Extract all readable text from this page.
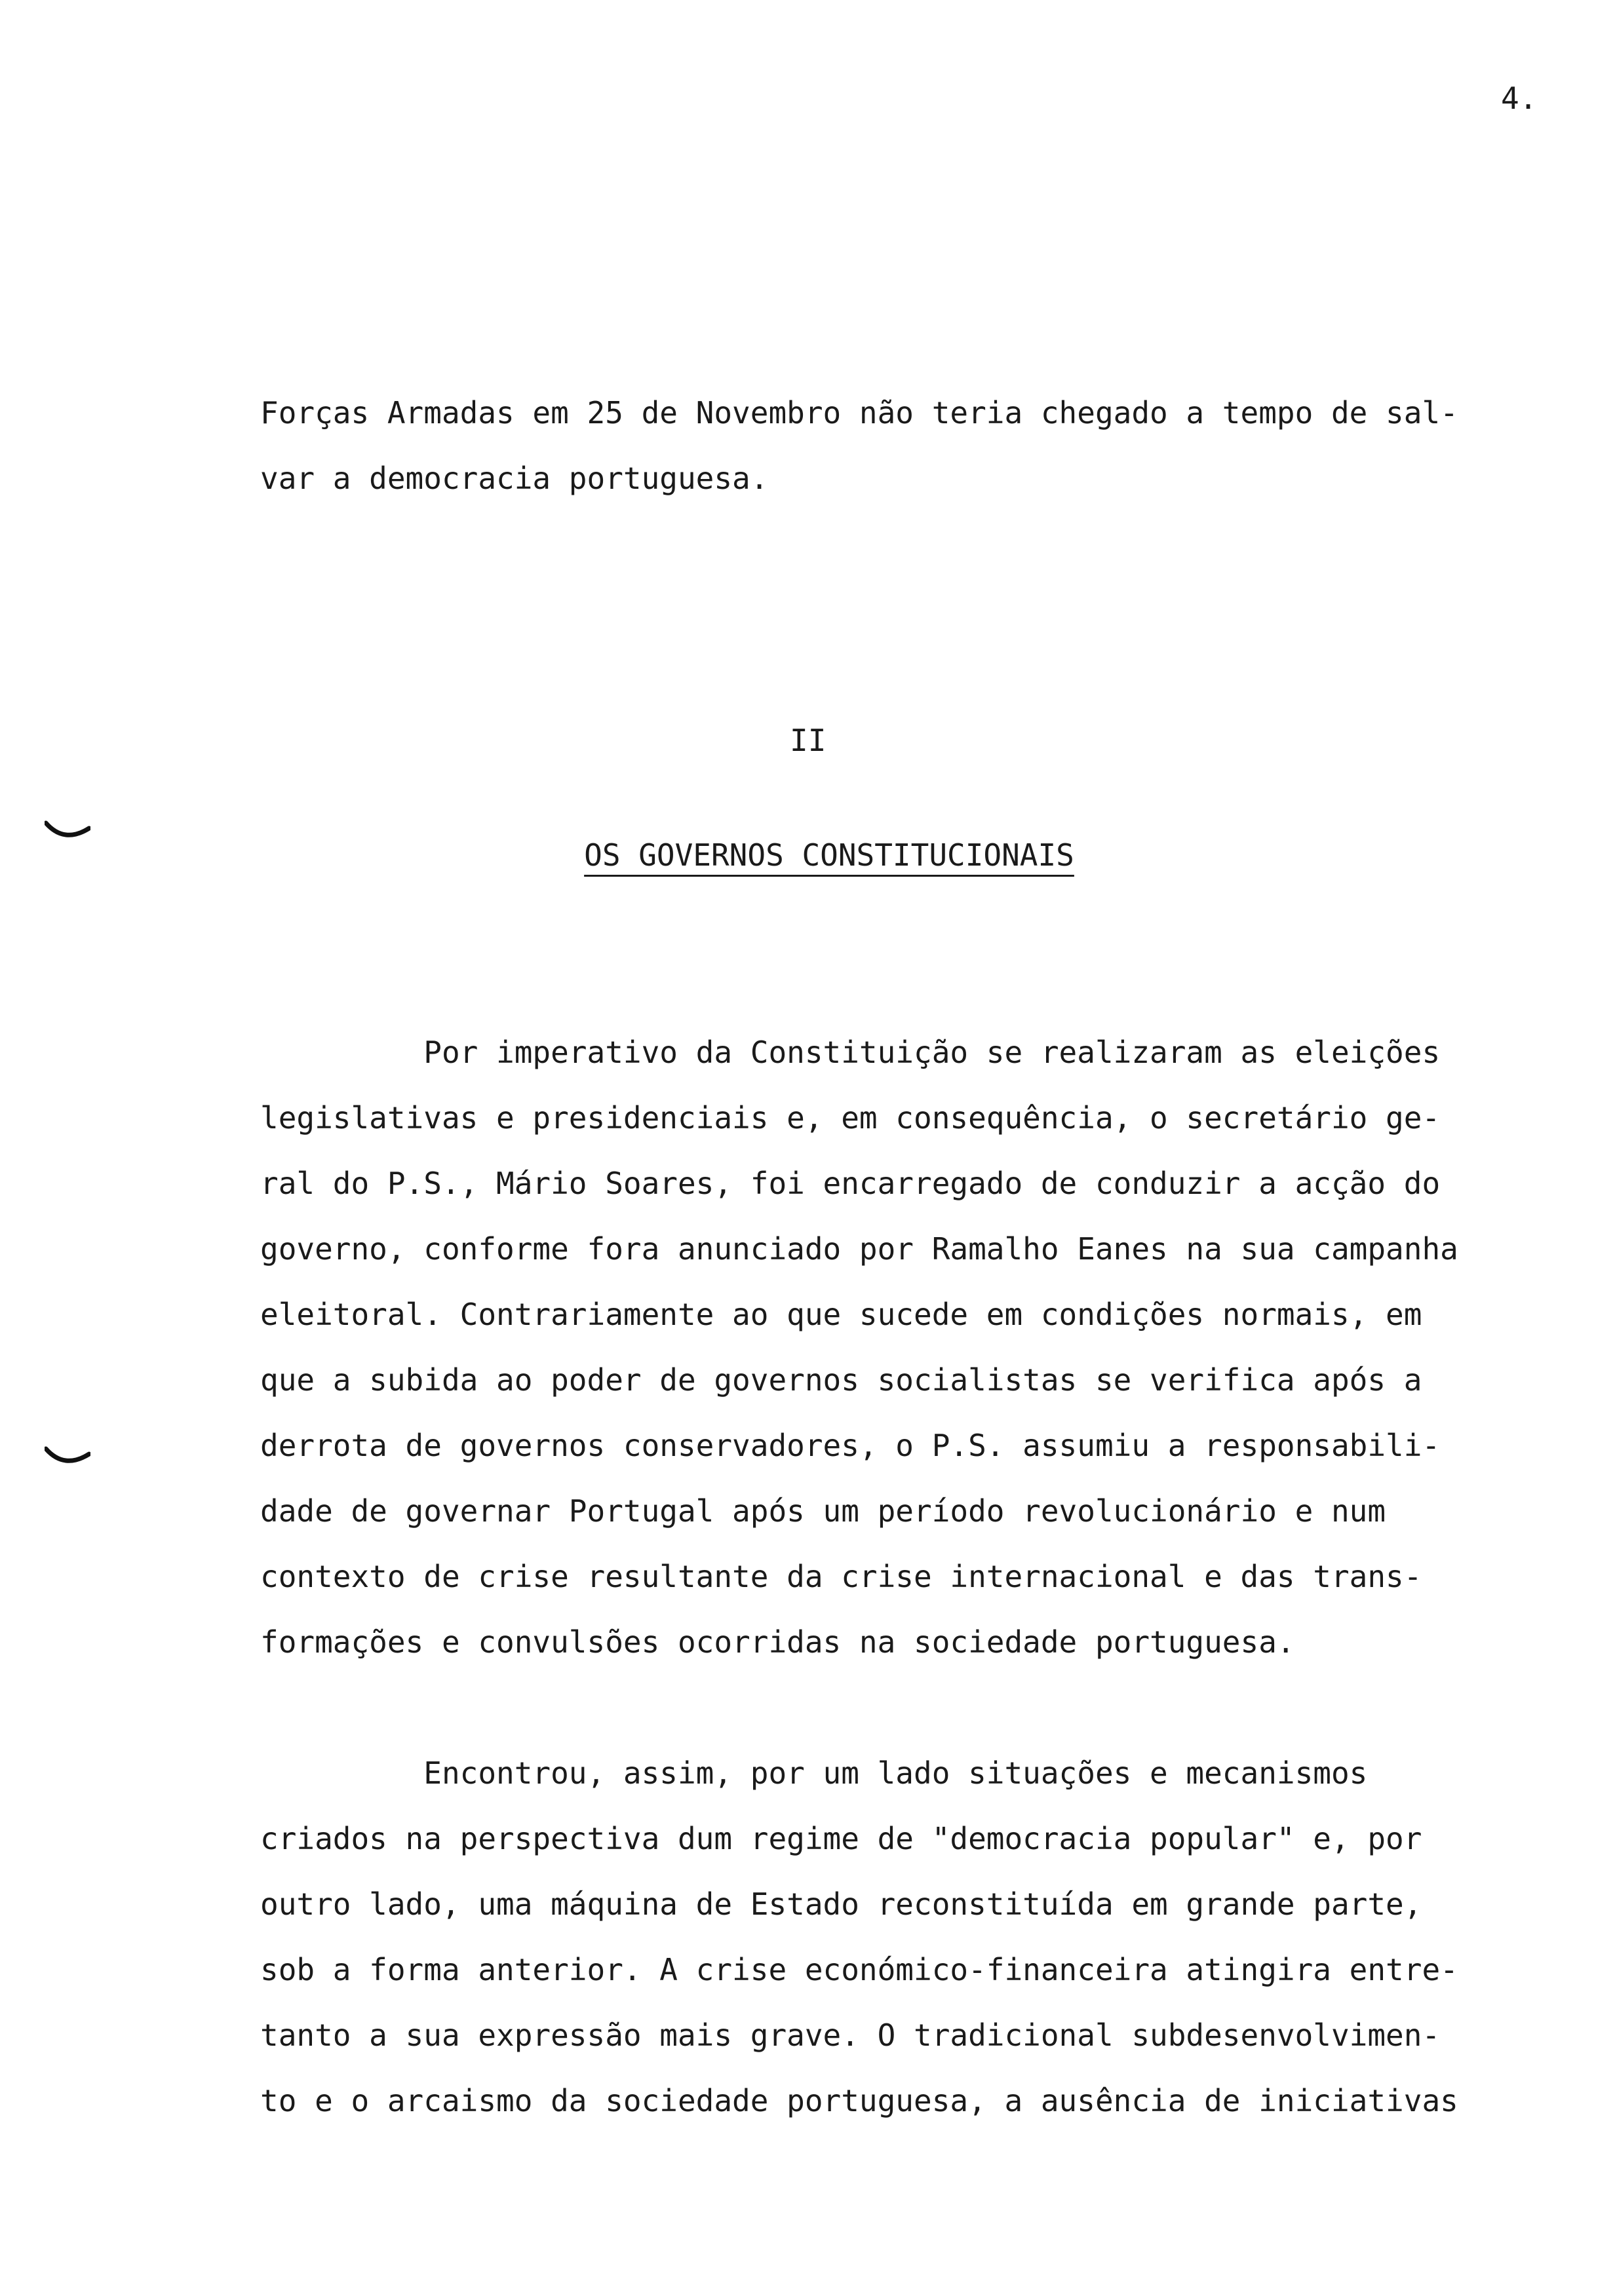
4.
Forças Armadas em 25 de Novembro não teria chegado a tempo de sal-
var a democracia portuguesa.
II
OS GOVERNOS CONSTITUCIONAIS
Por imperativo da Constituição se realizaram as eleições
legislativas e presidenciais e, em consequência, o secretário ge-
ral do P.S., Mário Soares, foi encarregado de conduzir a acção do
governo, conforme fora anunciado por Ramalho Eanes na sua campanha
eleitoral. Contrariamente ao que sucede em condições normais, em
que a subida ao poder de governos socialistas se verifica após a
derrota de governos conservadores, o P.S. assumiu a responsabili-
dade de governar Portugal após um período revolucionário e num
contexto de crise resultante da crise internacional e das trans-
formações e convulsões ocorridas na sociedade portuguesa.
Encontrou, assim, por um lado situações e mecanismos
criados na perspectiva dum regime de "democracia popular" e, por
outro lado, uma máquina de Estado reconstituída em grande parte,
sob a forma anterior. A crise económico-financeira atingira entre-
tanto a sua expressão mais grave. O tradicional subdesenvolvimen-
to e o arcaismo da sociedade portuguesa, a ausência de iniciativas
